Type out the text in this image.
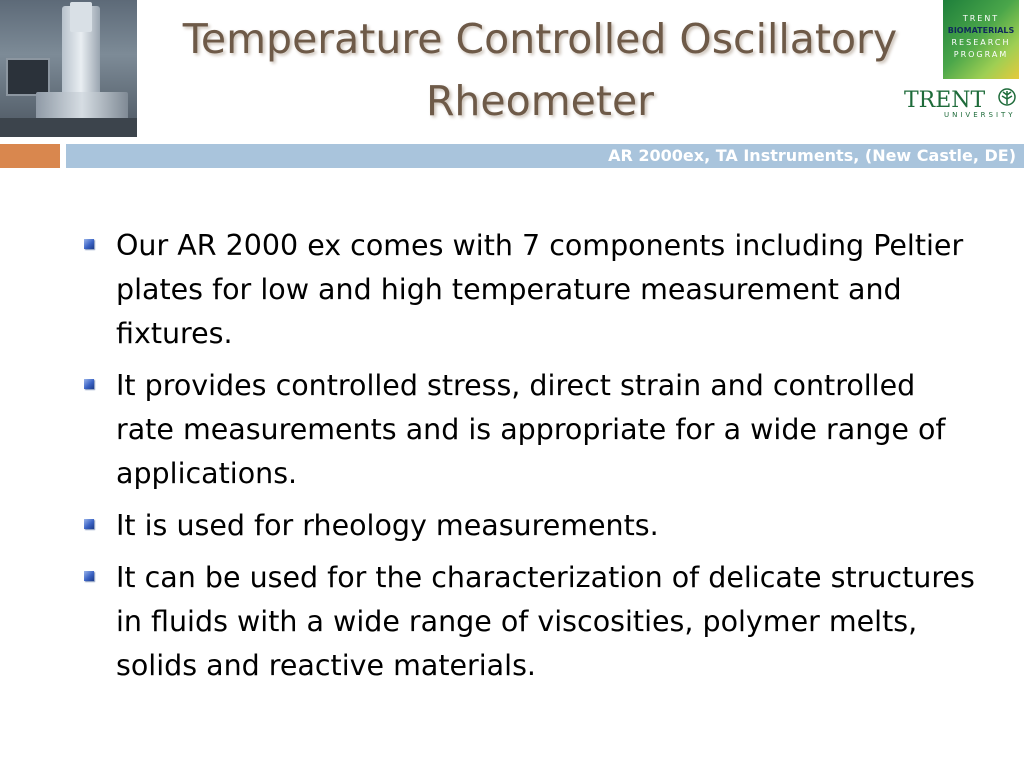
Temperature Controlled Oscillatory
Rheometer
TRENT
BIOMATERIALS
RESEARCH
PROGRAM
TRENT
UNIVERSITY
AR 2000ex, TA Instruments, (New Castle, DE)
Our AR 2000 ex comes with 7 components including Peltier plates for low and high temperature measurement and fixtures.
It provides controlled stress, direct strain and controlled rate measurements and is appropriate for a wide range of applications.
It is used for rheology measurements.
It can be used for the characterization of delicate structures in fluids with a wide range of viscosities, polymer melts, solids and reactive materials.
